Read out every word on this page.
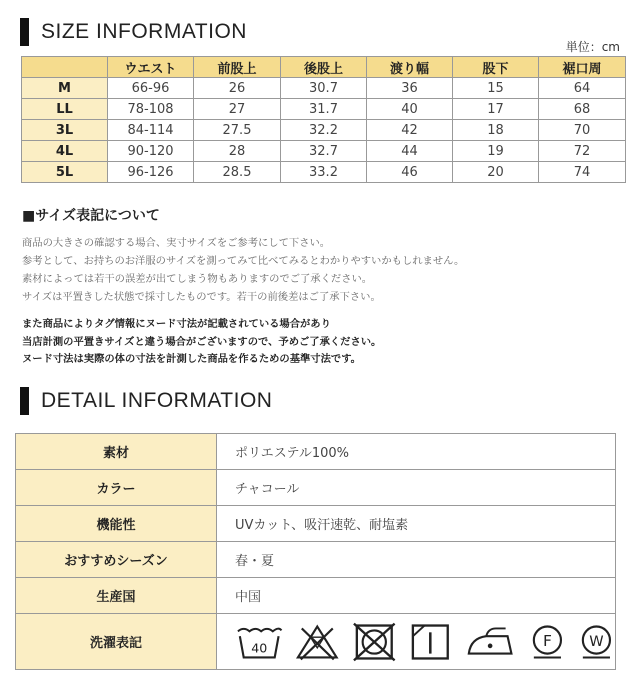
SIZE INFORMATION
単位：cm
	ウエスト	前股上	後股上	渡り幅	股下	裾口周
M	66-96	26	30.7	36	15	64
LL	78-108	27	31.7	40	17	68
3L	84-114	27.5	32.2	42	18	70
4L	90-120	28	32.7	44	19	72
5L	96-126	28.5	33.2	46	20	74
■サイズ表記について
商品の大きさの確認する場合、実寸サイズをご参考にして下さい。
参考として、お持ちのお洋服のサイズを測ってみて比べてみるとわかりやすいかもしれません。
素材によっては若干の誤差が出てしまう物もありますのでご了承ください。
サイズは平置きした状態で採寸したものです。若干の前後差はご了承下さい。
また商品によりタグ情報にヌード寸法が記載されている場合があり
当店計測の平置きサイズと違う場合がございますので、予めご了承ください。
ヌード寸法は実際の体の寸法を計測した商品を作るための基準寸法です。
DETAIL INFORMATION
素材	ポリエステル100%
カラー	チャコール
機能性	UVカット、吸汗速乾、耐塩素
おすすめシーズン	春・夏
生産国	中国
洗濯表記	40 F W
